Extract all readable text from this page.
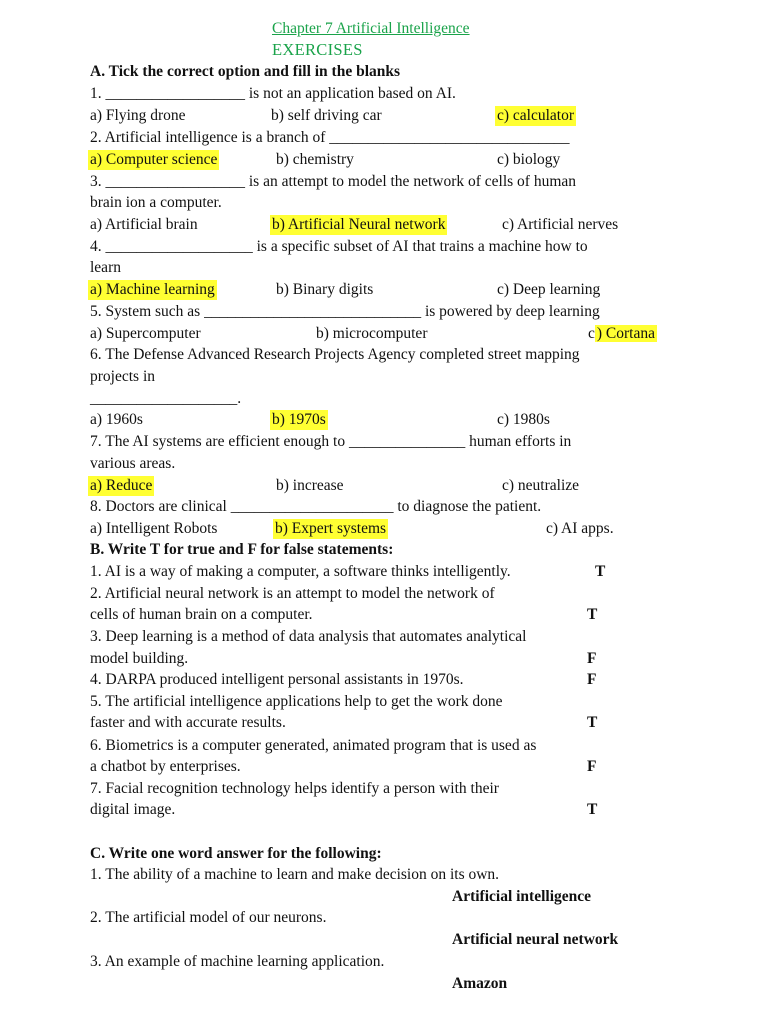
Chapter 7 Artificial Intelligence
EXERCISES
A. Tick the correct option and fill in the blanks
1. __________________ is not an application based on AI.
a) Flying drone	b) self driving car	c) calculator
2. Artificial intelligence is a branch of _______________________________
a) Computer science	b) chemistry	c) biology
3. __________________ is an attempt to model the network of cells of human
brain ion a computer.
a) Artificial brain	b) Artificial Neural network	c) Artificial nerves
4. ___________________ is a specific subset of AI that trains a machine how to
learn
a) Machine learning	b) Binary digits	c) Deep learning
5. System such as ____________________________ is powered by deep learning
a) Supercomputer	b) microcomputer	c ) Cortana
6. The Defense Advanced Research Projects Agency completed street mapping
projects in
___________________.
a) 1960s	b) 1970s	c) 1980s
7. The AI systems are efficient enough to _______________ human efforts in
various areas.
a) Reduce	b) increase	c) neutralize
8. Doctors are clinical _____________________ to diagnose the patient.
a) Intelligent Robots	b) Expert systems	c) AI apps.
B. Write T for true and F for false statements:
1. AI is a way of making a computer, a software thinks intelligently.	T
2. Artificial neural network is an attempt to model the network of
cells of human brain on a computer.	T
3. Deep learning is a method of data analysis that automates analytical
model building.	F
4. DARPA produced intelligent personal assistants in 1970s.	F
5. The artificial intelligence applications help to get the work done
faster and with accurate results.	T
6. Biometrics is a computer generated, animated program that is used as
a chatbot by enterprises.	F
7. Facial recognition technology helps identify a person with their
digital image.	T
C. Write one word answer for the following:
1. The ability of a machine to learn and make decision on its own.
Artificial intelligence
2. The artificial model of our neurons.
Artificial neural network
3. An example of machine learning application.
Amazon
